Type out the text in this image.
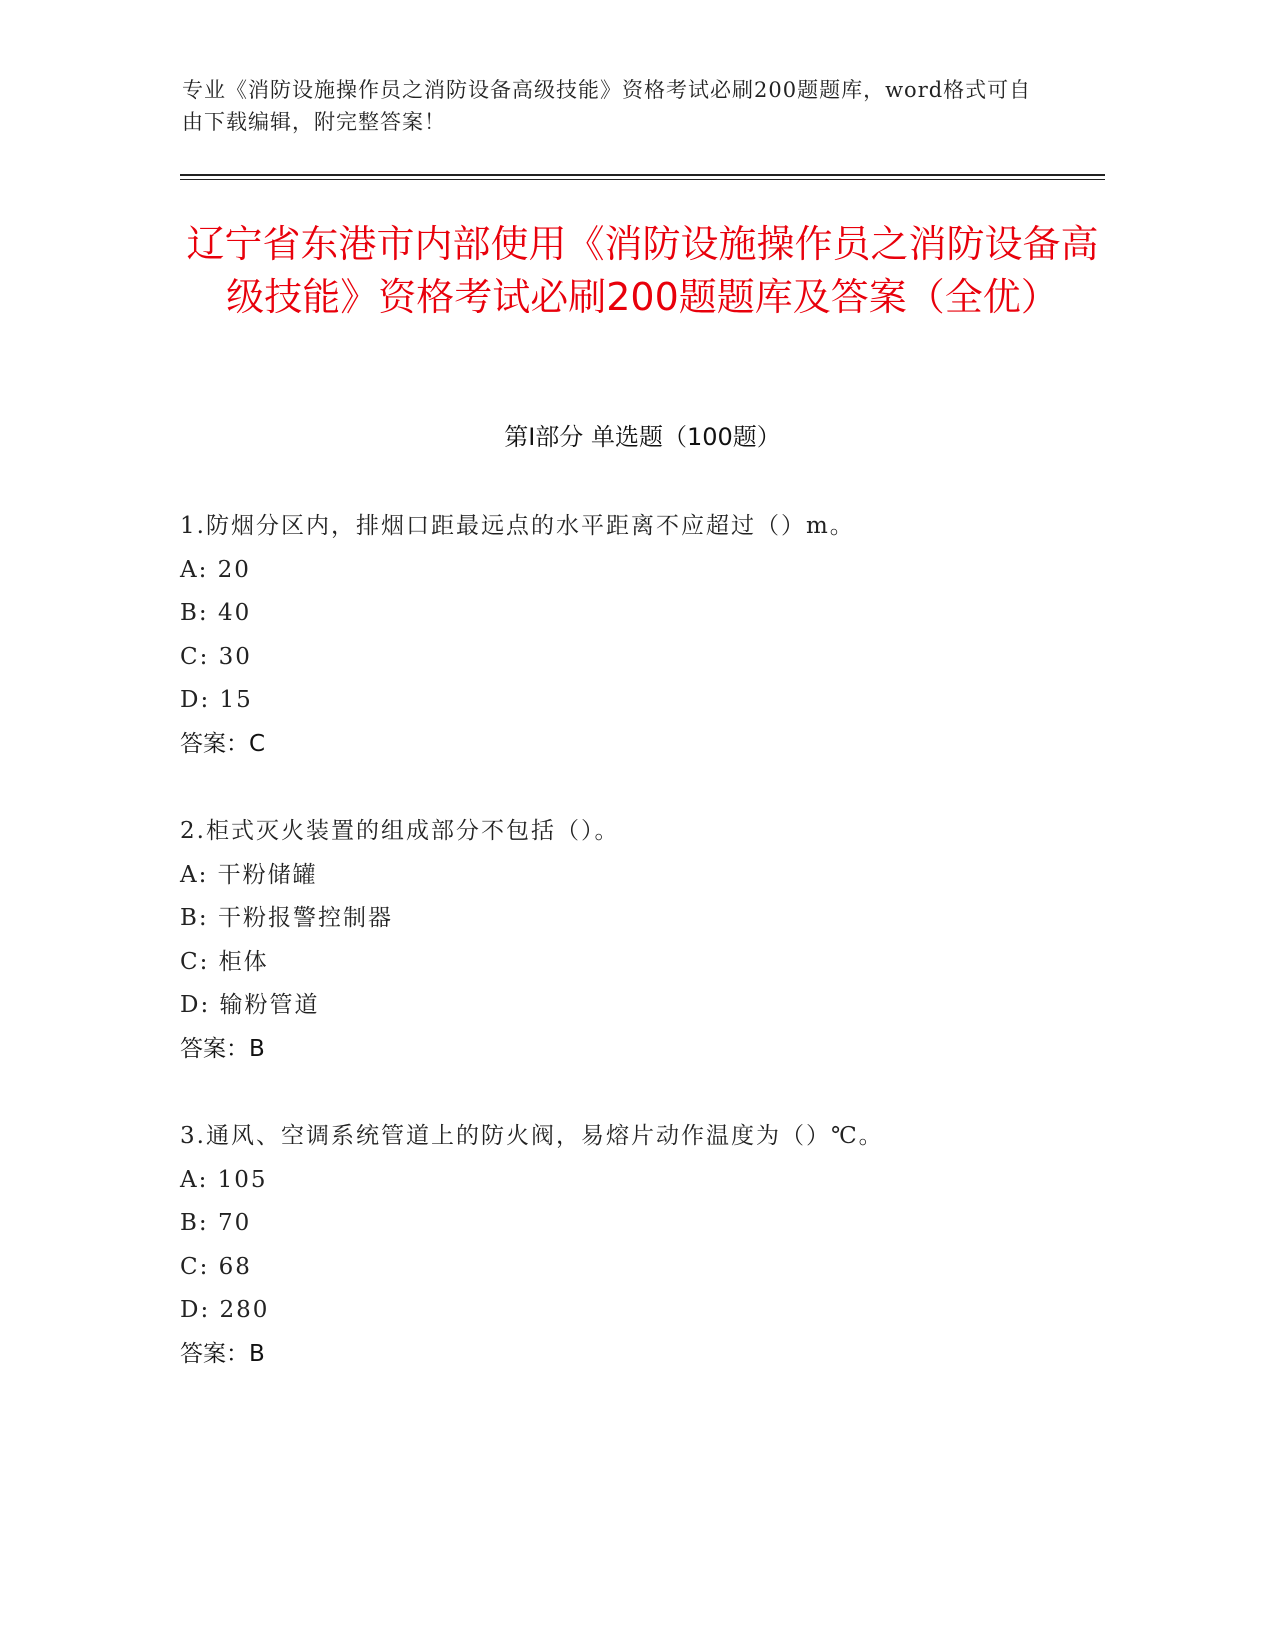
专业《消防设施操作员之消防设备高级技能》资格考试必刷200题题库，word格式可自由下载编辑，附完整答案！
辽宁省东港市内部使用《消防设施操作员之消防设备高级技能》资格考试必刷200题题库及答案（全优）
第Ⅰ部分 单选题（100题）
1.防烟分区内，排烟口距最远点的水平距离不应超过（）m。
A: 20
B: 40
C: 30
D: 15
答案：C
2.柜式灭火装置的组成部分不包括（）。
A: 干粉储罐
B: 干粉报警控制器
C: 柜体
D: 输粉管道
答案：B
3.通风、空调系统管道上的防火阀，易熔片动作温度为（）℃。
A: 105
B: 70
C: 68
D: 280
答案：B
